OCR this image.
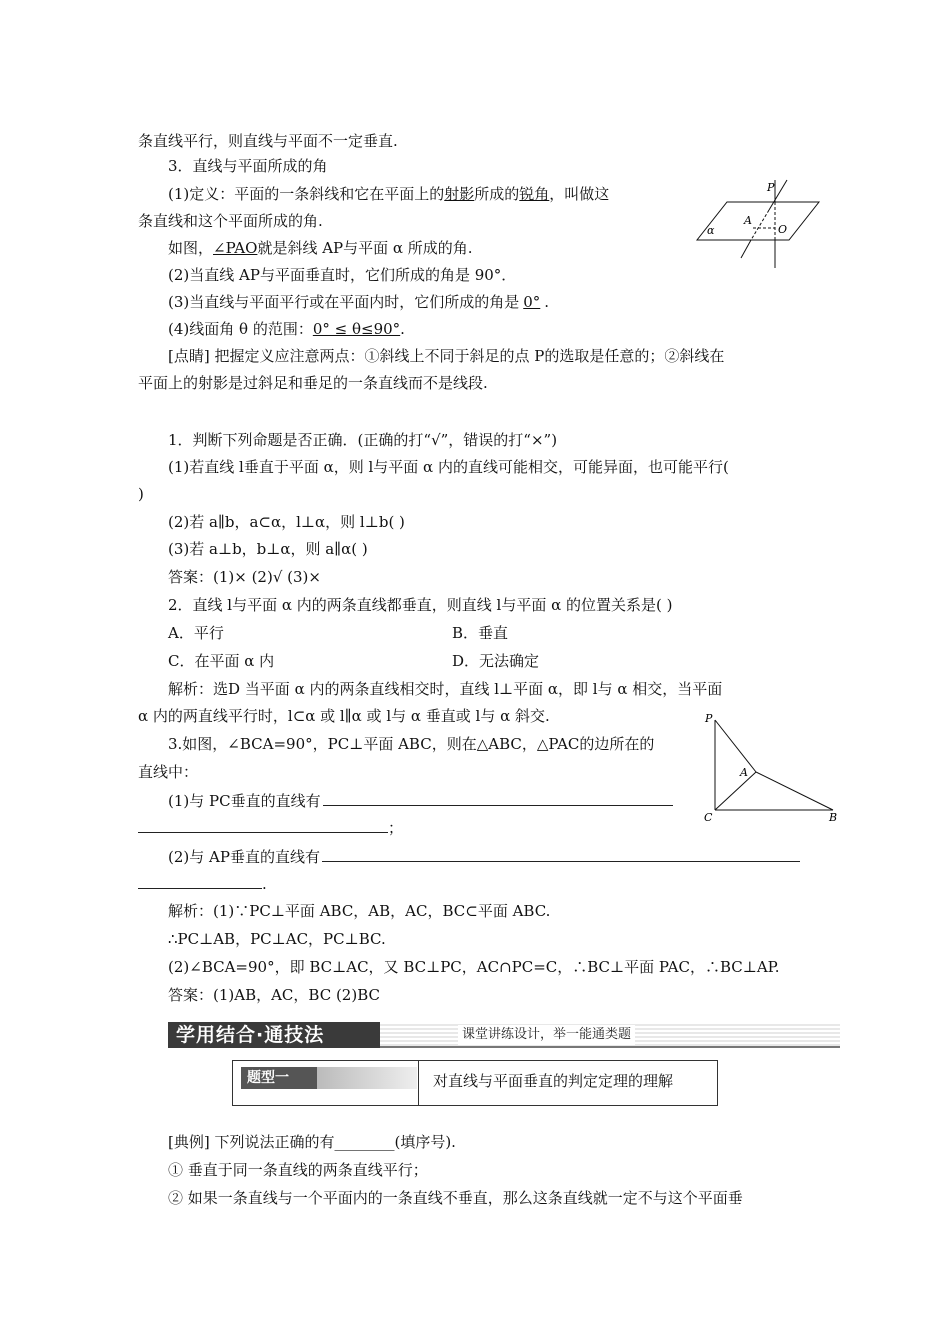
条直线平行，则直线与平面不一定垂直.
3．直线与平面所成的角
(1)定义：平面的一条斜线和它在平面上的射影所成的锐角，叫做这
条直线和这个平面所成的角.
如图，∠PAO就是斜线 AP与平面 α 所成的角.
(2)当直线 AP与平面垂直时，它们所成的角是 90°．
(3)当直线与平面平行或在平面内时，它们所成的角是 0° .
(4)线面角 θ 的范围：0° ≤ θ≤90°.
[点睛] 把握定义应注意两点：①斜线上不同于斜足的点 P的选取是任意的；②斜线在
平面上的射影是过斜足和垂足的一条直线而不是线段.
1．判断下列命题是否正确．(正确的打“√”，错误的打“×”)
(1)若直线 l垂直于平面 α，则 l与平面 α 内的直线可能相交，可能异面，也可能平行(
)
(2)若 a∥b，a⊂α，l⊥α，则 l⊥b( )
(3)若 a⊥b，b⊥α，则 a∥α( )
答案：(1)× (2)√ (3)×
2．直线 l与平面 α 内的两条直线都垂直，则直线 l与平面 α 的位置关系是( )
A．平行	B．垂直
C．在平面 α 内	D．无法确定
解析：选D 当平面 α 内的两条直线相交时，直线 l⊥平面 α，即 l与 α 相交，当平面
α 内的两直线平行时，l⊂α 或 l∥α 或 l与 α 垂直或 l与 α 斜交.
3.如图，∠BCA=90°，PC⊥平面 ABC，则在△ABC，△PAC的边所在的
直线中：
(1)与 PC垂直的直线有
；
(2)与 AP垂直的直线有
.
解析：(1)∵PC⊥平面 ABC，AB，AC，BC⊂平面 ABC.
∴PC⊥AB，PC⊥AC，PC⊥BC.
(2)∠BCA=90°，即 BC⊥AC，又 BC⊥PC，AC∩PC=C，∴BC⊥平面 PAC，∴BC⊥AP.
答案：(1)AB，AC，BC (2)BC
学用结合·通技法	课堂讲练设计，举一能通类题
题型一	对直线与平面垂直的判定定理的理解
[典例] 下列说法正确的有________(填序号).
① 垂直于同一条直线的两条直线平行；
② 如果一条直线与一个平面内的一条直线不垂直，那么这条直线就一定不与这个平面垂
P
A
O
α
P
A
C	B
